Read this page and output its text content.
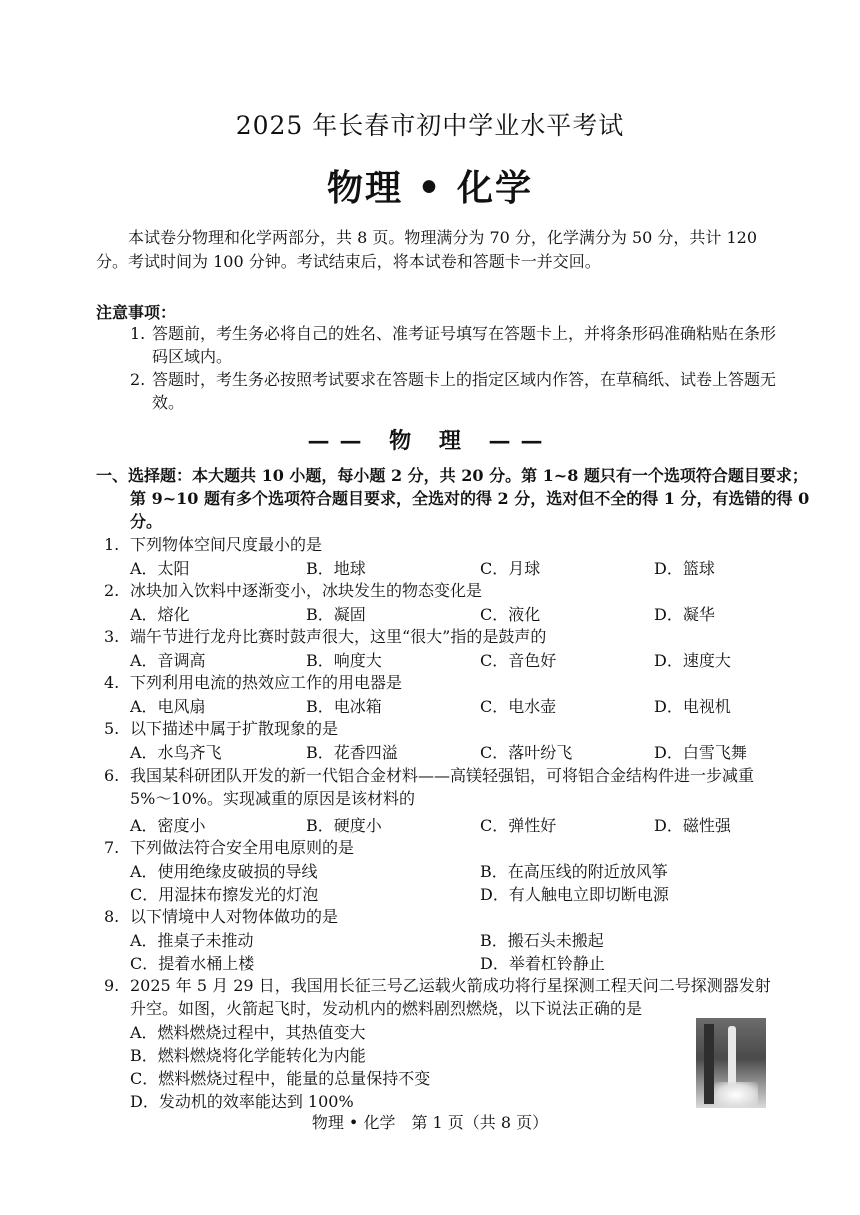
2025 年长春市初中学业水平考试
物理 • 化学
本试卷分物理和化学两部分，共 8 页。物理满分为 70 分，化学满分为 50 分，共计 120 分。考试时间为 100 分钟。考试结束后，将本试卷和答题卡一并交回。
注意事项：
1. 答题前，考生务必将自己的姓名、准考证号填写在答题卡上，并将条形码准确粘贴在条形码区域内。
2. 答题时，考生务必按照考试要求在答题卡上的指定区域内作答，在草稿纸、试卷上答题无效。
—— 物 理 ——
一、选择题：本大题共 10 小题，每小题 2 分，共 20 分。第 1~8 题只有一个选项符合题目要求；第 9~10 题有多个选项符合题目要求，全选对的得 2 分，选对但不全的得 1 分，有选错的得 0 分。
1. 下列物体空间尺度最小的是
A．太阳	B．地球	C．月球	D．篮球
2. 冰块加入饮料中逐渐变小，冰块发生的物态变化是
A．熔化	B．凝固	C．液化	D．凝华
3. 端午节进行龙舟比赛时鼓声很大，这里“很大”指的是鼓声的
A．音调高	B．响度大	C．音色好	D．速度大
4. 下列利用电流的热效应工作的用电器是
A．电风扇	B．电冰箱	C．电水壶	D．电视机
5. 以下描述中属于扩散现象的是
A．水鸟齐飞	B．花香四溢	C．落叶纷飞	D．白雪飞舞
6. 我国某科研团队开发的新一代铝合金材料——高镁轻强铝，可将铝合金结构件进一步减重 5%～10%。实现减重的原因是该材料的
A．密度小	B．硬度小	C．弹性好	D．磁性强
7. 下列做法符合安全用电原则的是
A．使用绝缘皮破损的导线	B．在高压线的附近放风筝
C．用湿抹布擦发光的灯泡	D．有人触电立即切断电源
8. 以下情境中人对物体做功的是
A．推桌子未推动	B．搬石头未搬起
C．提着水桶上楼	D．举着杠铃静止
9. 2025 年 5 月 29 日，我国用长征三号乙运载火箭成功将行星探测工程天问二号探测器发射升空。如图，火箭起飞时，发动机内的燃料剧烈燃烧，以下说法正确的是
A．燃料燃烧过程中，其热值变大
B．燃料燃烧将化学能转化为内能
C．燃料燃烧过程中，能量的总量保持不变
D．发动机的效率能达到 100%
物理 • 化学　第 1 页（共 8 页）
